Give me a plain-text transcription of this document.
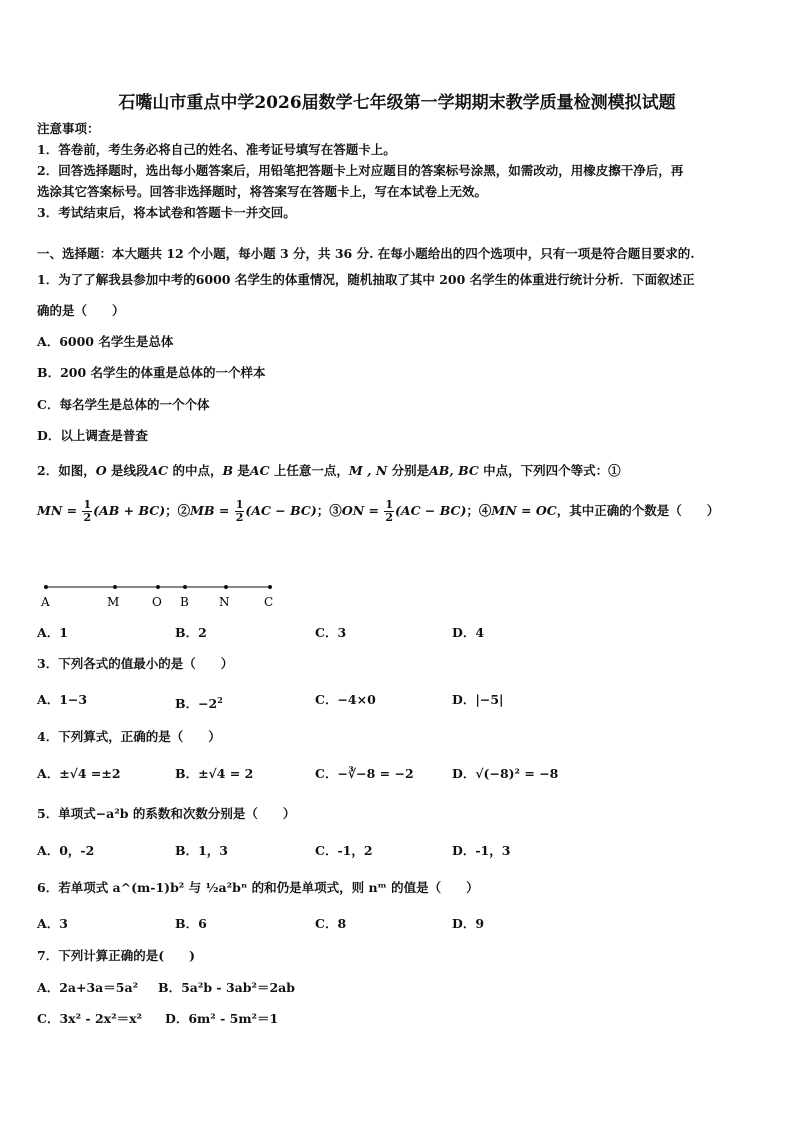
石嘴山市重点中学2026届数学七年级第一学期期末教学质量检测模拟试题
注意事项：
1．答卷前，考生务必将自己的姓名、准考证号填写在答题卡上。
2．回答选择题时，选出每小题答案后，用铅笔把答题卡上对应题目的答案标号涂黑，如需改动，用橡皮擦干净后，再
选涂其它答案标号。回答非选择题时，将答案写在答题卡上，写在本试卷上无效。
3．考试结束后，将本试卷和答题卡一并交回。
一、选择题：本大题共 12 个小题，每小题 3 分，共 36 分. 在每小题给出的四个选项中，只有一项是符合题目要求的.
1．为了了解我县参加中考的6000 名学生的体重情况，随机抽取了其中 200 名学生的体重进行统计分析．下面叙述正
确的是（　　）
A．6000 名学生是总体
B．200 名学生的体重是总体的一个样本
C．每名学生是总体的一个个体
D．以上调查是普查
2．如图，O 是线段AC 的中点，B 是AC 上任意一点，M , N 分别是AB, BC 中点，下列四个等式：①
MN = $\frac{1}{2} (AB + BC)$；②MB = $\frac{1}{2} (AC - BC)$；③ON = $\frac{1}{2} (AC - BC)$；④MN = OC，其中正确的个数是（　　）
A	M	O B	N	C
A．1	B．2	C．3	D．4
3．下列各式的值最小的是（　　）
A．1−3	B．$-2^2$	C．−4×0	D．|−5|
4．下列算式，正确的是（　　）
A．±√4 =±2	B．±√4 = 2	C．−∛−8 = −2	D．√(−8)² = −8
5．单项式−a²b 的系数和次数分别是（　　）
A．0，-2	B．1，3	C．-1，2	D．-1，3
6．若单项式 a^(m-1)b² 与 ½a²bⁿ 的和仍是单项式，则 nᵐ 的值是（　　）
A．3	B．6	C．8	D．9
7．下列计算正确的是(　　)
A．2a+3a＝5a² B．5a²b - 3ab²＝2ab
C．3x² - 2x²＝x² D．6m² - 5m²＝1
